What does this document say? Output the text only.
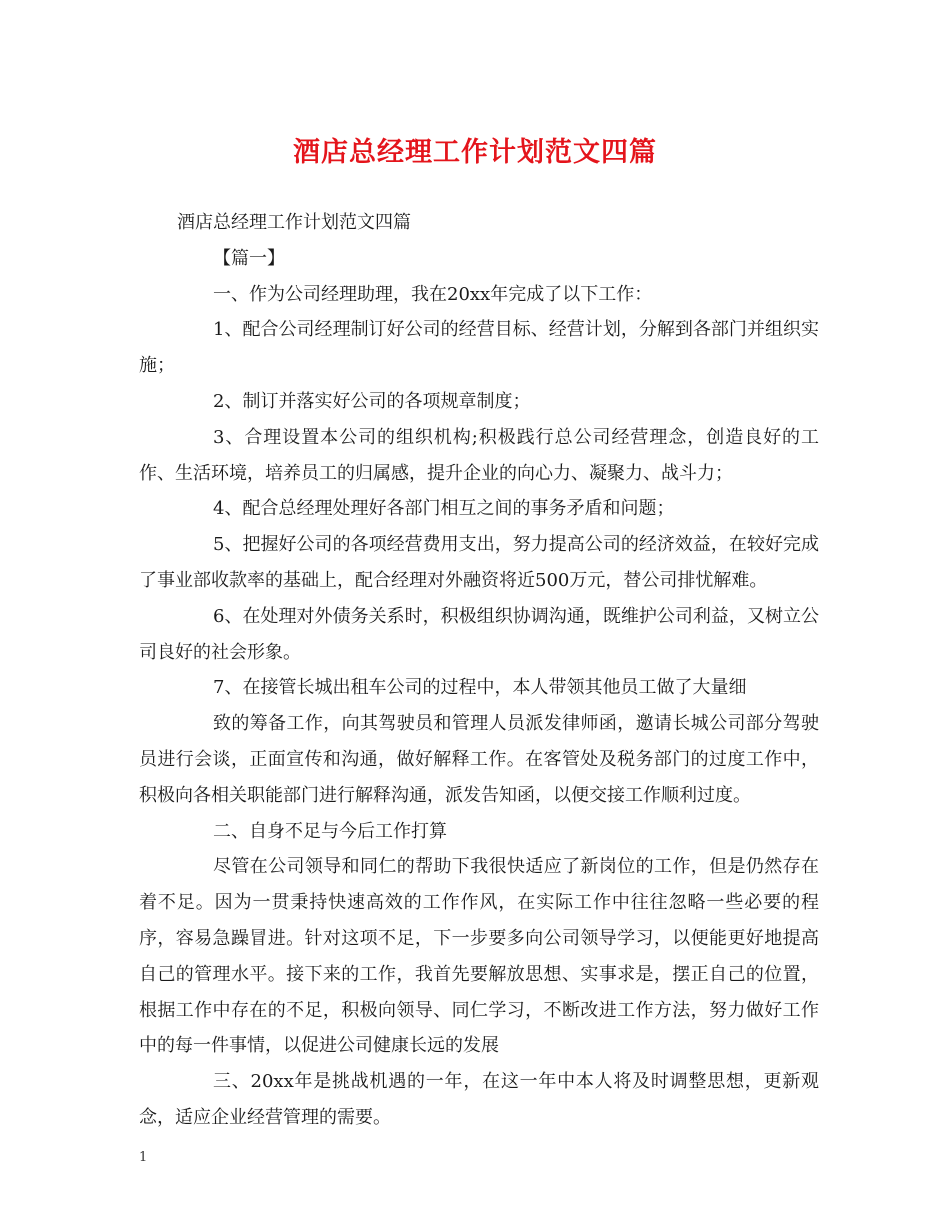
酒店总经理工作计划范文四篇

酒店总经理工作计划范文四篇

【篇一】

一、作为公司经理助理，我在20xx年完成了以下工作：

1、配合公司经理制订好公司的经营目标、经营计划，分解到各部门并组织实施；

2、制订并落实好公司的各项规章制度；

3、合理设置本公司的组织机构;积极践行总公司经营理念，创造良好的工作、生活环境，培养员工的归属感，提升企业的向心力、凝聚力、战斗力；

4、配合总经理处理好各部门相互之间的事务矛盾和问题；

5、把握好公司的各项经营费用支出，努力提高公司的经济效益，在较好完成了事业部收款率的基础上，配合经理对外融资将近500万元，替公司排忧解难。

6、在处理对外债务关系时，积极组织协调沟通，既维护公司利益，又树立公司良好的社会形象。

7、在接管长城出租车公司的过程中，本人带领其他员工做了大量细

致的筹备工作，向其驾驶员和管理人员派发律师函，邀请长城公司部分驾驶员进行会谈，正面宣传和沟通，做好解释工作。在客管处及税务部门的过度工作中，积极向各相关职能部门进行解释沟通，派发告知函，以便交接工作顺利过度。

二、自身不足与今后工作打算

尽管在公司领导和同仁的帮助下我很快适应了新岗位的工作，但是仍然存在着不足。因为一贯秉持快速高效的工作作风，在实际工作中往往忽略一些必要的程序，容易急躁冒进。针对这项不足，下一步要多向公司领导学习，以便能更好地提高自己的管理水平。接下来的工作，我首先要解放思想、实事求是，摆正自己的位置，根据工作中存在的不足，积极向领导、同仁学习，不断改进工作方法，努力做好工作中的每一件事情，以促进公司健康长远的发展

三、20xx年是挑战机遇的一年，在这一年中本人将及时调整思想，更新观念，适应企业经营管理的需要。

1
